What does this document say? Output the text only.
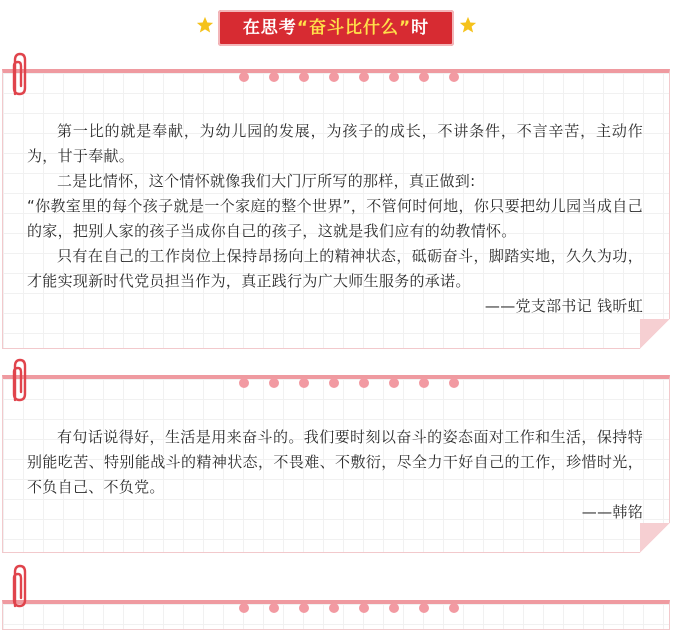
在思考“奋斗比什么”时

第一比的就是奉献，为幼儿园的发展，为孩子的成长，不讲条件，不言辛苦，主动作为，甘于奉献。

二是比情怀，这个情怀就像我们大门厅所写的那样，真正做到:

“你教室里的每个孩子就是一个家庭的整个世界”，不管何时何地，你只要把幼儿园当成自己的家，把别人家的孩子当成你自己的孩子，这就是我们应有的幼教情怀。

只有在自己的工作岗位上保持昂扬向上的精神状态，砥砺奋斗，脚踏实地，久久为功，才能实现新时代党员担当作为，真正践行为广大师生服务的承诺。

——党支部书记 钱昕虹

有句话说得好，生活是用来奋斗的。我们要时刻以奋斗的姿态面对工作和生活，保持特别能吃苦、特别能战斗的精神状态，不畏难、不敷衍，尽全力干好自己的工作，珍惜时光，不负自己、不负党。

——韩铭
